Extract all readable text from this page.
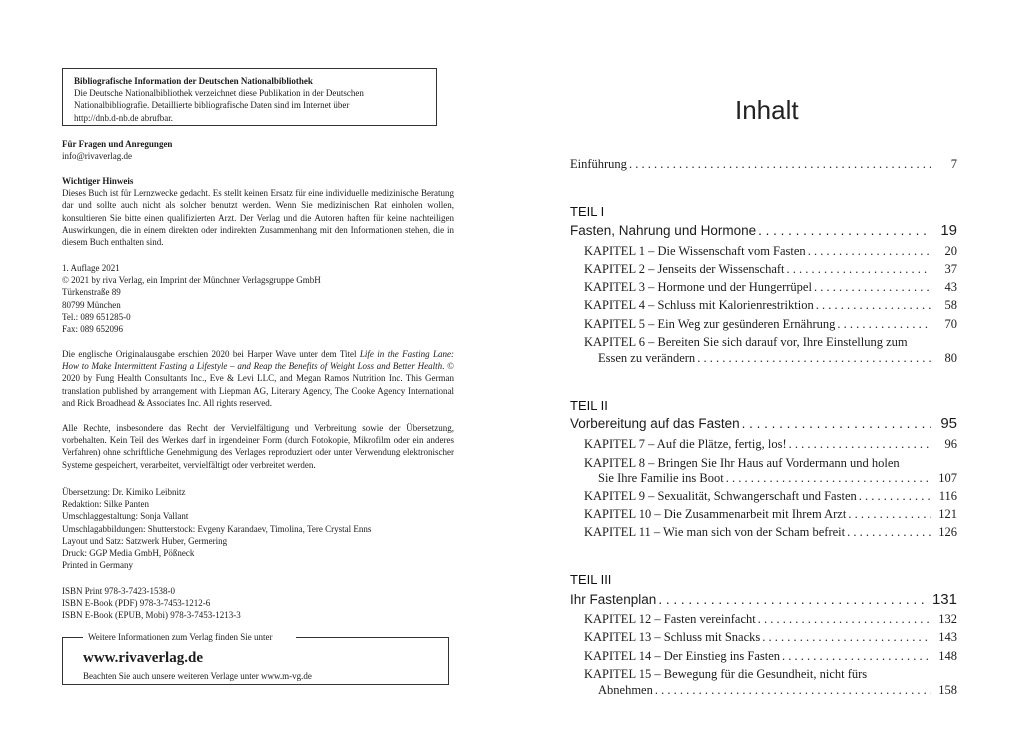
Bibliografische Information der Deutschen Nationalbibliothek

Die Deutsche Nationalbibliothek verzeichnet diese Publikation in der Deutschen

Nationalbibliografie. Detaillierte bibliografische Daten sind im Internet über

http://dnb.d-nb.de abrufbar.

Für Fragen und Anregungen

info@rivaverlag.de

Wichtiger Hinweis

Dieses Buch ist für Lernzwecke gedacht. Es stellt keinen Ersatz für eine individuelle medizinische Beratung dar und sollte auch nicht als solcher benutzt werden. Wenn Sie medizinischen Rat einholen wollen, konsultieren Sie bitte einen qualifizierten Arzt. Der Verlag und die Autoren haften für keine nachteiligen Auswirkungen, die in einem direkten oder indirekten Zusammenhang mit den Informationen stehen, die in diesem Buch enthalten sind.

1. Auflage 2021

© 2021 by riva Verlag, ein Imprint der Münchner Verlagsgruppe GmbH

Türkenstraße 89

80799 München

Tel.: 089 651285-0

Fax: 089 652096

Die englische Originalausgabe erschien 2020 bei Harper Wave unter dem Titel Life in the Fasting Lane: How to Make Intermittent Fasting a Lifestyle – and Reap the Benefits of Weight Loss and Better Health. © 2020 by Fung Health Consultants Inc., Eve & Levi LLC, and Megan Ramos Nutrition Inc. This German translation published by arrangement with Liepman AG, Literary Agency, The Cooke Agency International and Rick Broadhead & Associates Inc. All rights reserved.

Alle Rechte, insbesondere das Recht der Vervielfältigung und Verbreitung sowie der Übersetzung, vorbehalten. Kein Teil des Werkes darf in irgendeiner Form (durch Fotokopie, Mikrofilm oder ein anderes Verfahren) ohne schriftliche Genehmigung des Verlages reproduziert oder unter Verwendung elektronischer Systeme gespeichert, verarbeitet, vervielfältigt oder verbreitet werden.

Übersetzung: Dr. Kimiko Leibnitz

Redaktion: Silke Panten

Umschlaggestaltung: Sonja Vallant

Umschlagabbildungen: Shutterstock: Evgeny Karandaev, Timolina, Tere Crystal Enns

Layout und Satz: Satzwerk Huber, Germering

Druck: GGP Media GmbH, Pößneck

Printed in Germany

ISBN Print 978-3-7423-1538-0

ISBN E-Book (PDF) 978-3-7453-1212-6

ISBN E-Book (EPUB, Mobi) 978-3-7453-1213-3

Weitere Informationen zum Verlag finden Sie unter
www.rivaverlag.de
Beachten Sie auch unsere weiteren Verlage unter www.m-vg.de
Inhalt
Einführung . . .	7
TEIL I
Fasten, Nahrung und Hormone . . .	19
KAPITEL 1 – Die Wissenschaft vom Fasten . . .	20
KAPITEL 2 – Jenseits der Wissenschaft . . .	37
KAPITEL 3 – Hormone und der Hungerrüpel . . .	43
KAPITEL 4 – Schluss mit Kalorienrestriktion . . .	58
KAPITEL 5 – Ein Weg zur gesünderen Ernährung . . .	70
KAPITEL 6 – Bereiten Sie sich darauf vor, Ihre Einstellung zum
Essen zu verändern . . .	80
TEIL II
Vorbereitung auf das Fasten . . .	95
KAPITEL 7 – Auf die Plätze, fertig, los! . . .	96
KAPITEL 8 – Bringen Sie Ihr Haus auf Vordermann und holen
Sie Ihre Familie ins Boot . . .	107
KAPITEL 9 – Sexualität, Schwangerschaft und Fasten . . .	116
KAPITEL 10 – Die Zusammenarbeit mit Ihrem Arzt . . .	121
KAPITEL 11 – Wie man sich von der Scham befreit . . .	126
TEIL III
Ihr Fastenplan . . .	131
KAPITEL 12 – Fasten vereinfacht . . .	132
KAPITEL 13 – Schluss mit Snacks . . .	143
KAPITEL 14 – Der Einstieg ins Fasten . . .	148
KAPITEL 15 – Bewegung für die Gesundheit, nicht fürs
Abnehmen . . .	158
